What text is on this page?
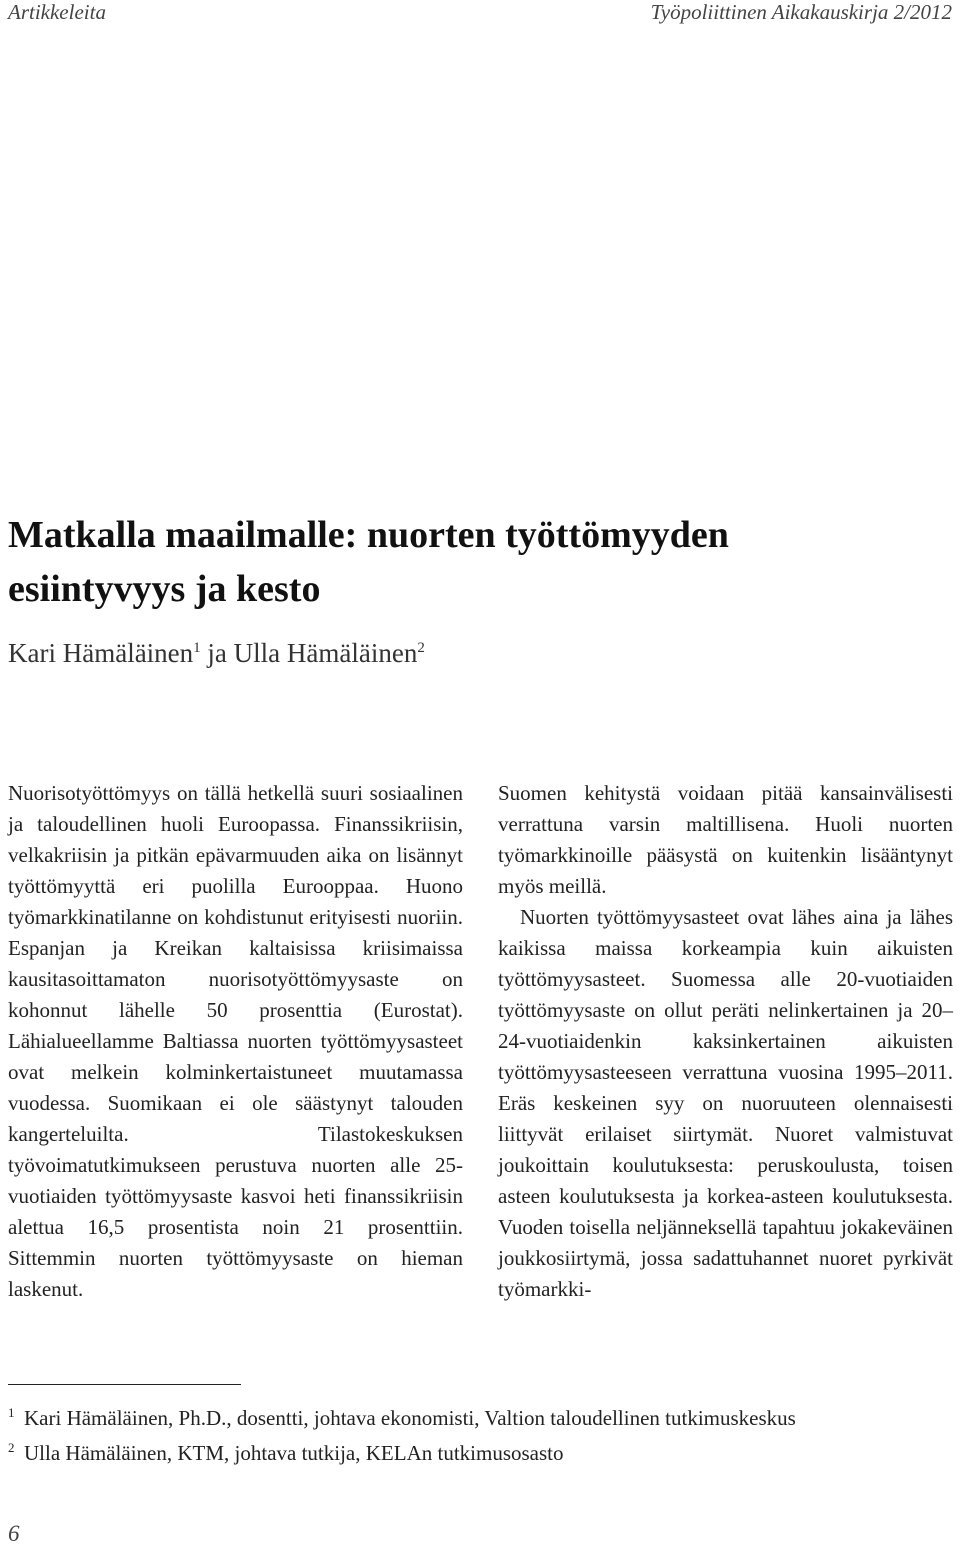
Artikkeleita	Työpoliittinen Aikakauskirja 2/2012
Matkalla maailmalle: nuorten työttömyyden
esiintyvyys ja kesto

Kari Hämäläinen$^1$ ja Ulla Hämäläinen$^2$

Nuorisotyöttömyys on tällä hetkellä suuri sosiaalinen ja taloudellinen huoli Euroopassa. Finanssikriisin, velkakriisin ja pitkän epävarmuuden aika on lisännyt työttömyyttä eri puolilla Eurooppaa. Huono työmarkkinatilanne on kohdistunut erityisesti nuoriin. Espanjan ja Kreikan kaltaisissa kriisimaissa kausitasoittamaton nuorisotyöttömyysaste on kohonnut lähelle 50 prosenttia (Eurostat). Lähialueellamme Baltiassa nuorten työttömyysasteet ovat melkein kolminkertaistuneet muutamassa vuodessa. Suomikaan ei ole säästynyt talouden kangerteluilta. Tilastokeskuksen työvoimatutkimukseen perustuva nuorten alle 25-vuotiaiden työttömyysaste kasvoi heti finanssikriisin alettua 16,5 prosentista noin 21 prosenttiin. Sittemmin nuorten työttömyysaste on hieman laskenut.

Suomen kehitystä voidaan pitää kansainvälisesti verrattuna varsin maltillisena. Huoli nuorten työmarkkinoille pääsystä on kuitenkin lisääntynyt myös meillä.

Nuorten työttömyysasteet ovat lähes aina ja lähes kaikissa maissa korkeampia kuin aikuisten työttömyysasteet. Suomessa alle 20-vuotiaiden työttömyysaste on ollut peräti nelinkertainen ja 20–24-vuotiaidenkin kaksinkertainen aikuisten työttömyysasteeseen verrattuna vuosina 1995–2011. Eräs keskeinen syy on nuoruuteen olennaisesti liittyvät erilaiset siirtymät. Nuoret valmistuvat joukoittain koulutuksesta: peruskoulusta, toisen asteen koulutuksesta ja korkea-asteen koulutuksesta. Vuoden toisella neljänneksellä tapahtuu jokakeväinen joukkosiirtymä, jossa sadattuhannet nuoret pyrkivät työmarkki-

1 Kari Hämäläinen, Ph.D., dosentti, johtava ekonomisti, Valtion taloudellinen tutkimuskeskus

2 Ulla Hämäläinen, KTM, johtava tutkija, KELAn tutkimusosasto

6
